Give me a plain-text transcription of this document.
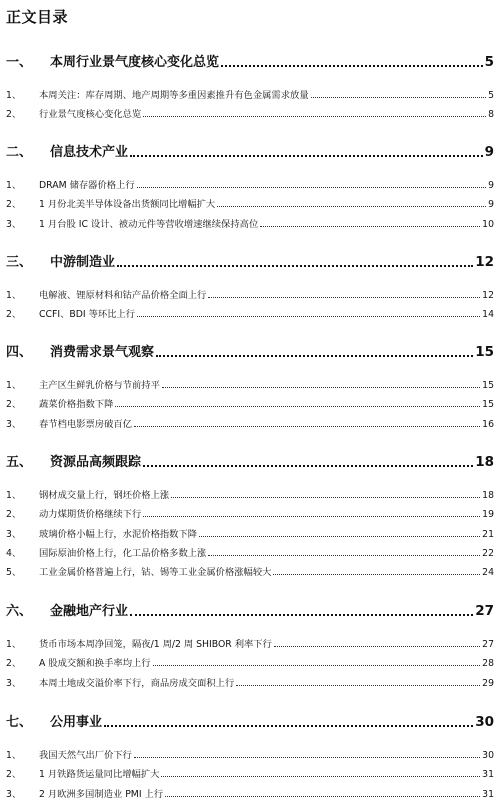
正文目录
一、	本周行业景气度核心变化总览	5
1、	本周关注：库存周期、地产周期等多重因素推升有色金属需求放量	5
2、	行业景气度核心变化总览	8
二、	信息技术产业	9
1、	DRAM 储存器价格上行	9
2、	1 月份北美半导体设备出货额同比增幅扩大	9
3、	1 月台股 IC 设计、被动元件等营收增速继续保持高位	10
三、	中游制造业	12
1、	电解液、锂原材料和钴产品价格全面上行	12
2、	CCFI、BDI 等环比上行	14
四、	消费需求景气观察	15
1、	主产区生鲜乳价格与节前持平	15
2、	蔬菜价格指数下降	15
3、	春节档电影票房破百亿	16
五、	资源品高频跟踪	18
1、	钢材成交量上行，钢坯价格上涨	18
2、	动力煤期货价格继续下行	19
3、	玻璃价格小幅上行，水泥价格指数下降	21
4、	国际原油价格上行，化工品价格多数上涨	22
5、	工业金属价格普遍上行，钴、锡等工业金属价格涨幅较大	24
六、	金融地产行业	27
1、	货币市场本周净回笼，隔夜/1 周/2 周 SHIBOR 利率下行	27
2、	A 股成交额和换手率均上行	28
3、	本周土地成交溢价率下行，商品房成交面积上行	29
七、	公用事业	30
1、	我国天然气出厂价下行	30
2、	1 月铁路货运量同比增幅扩大	31
3、	2 月欧洲多国制造业 PMI 上行	31
